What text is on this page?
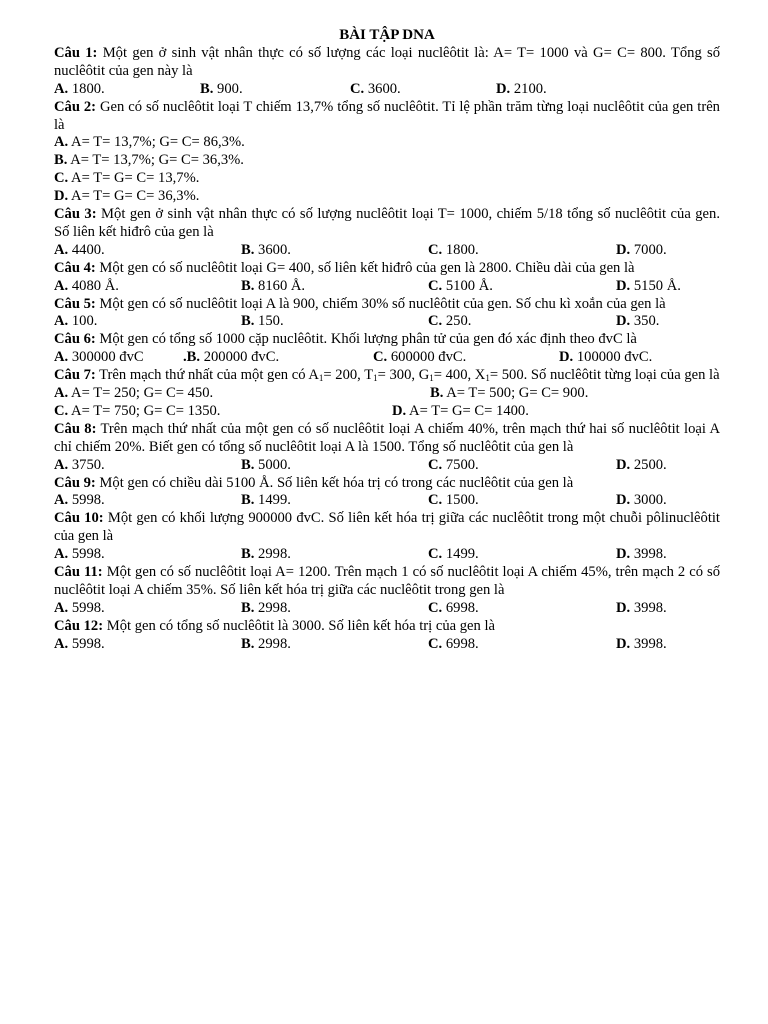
BÀI TẬP DNA
Câu 1: Một gen ở sinh vật nhân thực có số lượng các loại nuclêôtit là: A= T= 1000 và G= C= 800. Tổng số nuclêôtit của gen này là
A. 1800.	B. 900.	C. 3600.	D. 2100.
Câu 2: Gen có số nuclêôtit loại T chiếm 13,7% tổng số nuclêôtit. Tỉ lệ phần trăm từng loại nuclêôtit của gen trên là
A. A= T= 13,7%; G= C= 86,3%.
B. A= T= 13,7%; G= C= 36,3%.
C. A= T= G= C= 13,7%.
D. A= T= G= C= 36,3%.
Câu 3: Một gen ở sinh vật nhân thực có số lượng nuclêôtit loại T= 1000, chiếm 5/18 tổng số nuclêôtit của gen. Số liên kết hiđrô của gen là
A. 4400.	B. 3600.	C. 1800.	D. 7000.
Câu 4: Một gen có số nuclêôtit loại G= 400, số liên kết hiđrô của gen là 2800. Chiều dài của gen là
A. 4080 Å.	B. 8160 Å.	C. 5100 Å.	D. 5150 Å.
Câu 5: Một gen có số nuclêôtit loại A là 900, chiếm 30% số nuclêôtit của gen. Số chu kì xoắn của gen là
A. 100.	B. 150.	C. 250.	D. 350.
Câu 6: Một gen có tổng số 1000 cặp nuclêôtit. Khối lượng phân tử của gen đó xác định theo đvC là
A. 300000 đvC	.B. 200000 đvC.	C. 600000 đvC.	D. 100000 đvC.
Câu 7: Trên mạch thứ nhất của một gen có $A_1= 200$, $T_1= 300$, $G_1= 400$, $X_1= 500$. Số nuclêôtit từng loại của gen là
A. A= T= 250; G= C= 450.	B. A= T= 500; G= C= 900.
C. A= T= 750; G= C= 1350.	D. A= T= G= C= 1400.
Câu 8: Trên mạch thứ nhất của một gen có số nuclêôtit loại A chiếm 40%, trên mạch thứ hai số nuclêôtit loại A chỉ chiếm 20%. Biết gen có tổng số nuclêôtit loại A là 1500. Tổng số nuclêôtit của gen là
A. 3750.	B. 5000.	C. 7500.	D. 2500.
Câu 9: Một gen có chiều dài 5100 Å. Số liên kết hóa trị có trong các nuclêôtit của gen là
A. 5998.	B. 1499.	C. 1500.	D. 3000.
Câu 10: Một gen có khối lượng 900000 đvC. Số liên kết hóa trị giữa các nuclêôtit trong một chuỗi pôlinuclêôtit của gen là
A. 5998.	B. 2998.	C. 1499.	D. 3998.
Câu 11: Một gen có số nuclêôtit loại A= 1200. Trên mạch 1 có số nuclêôtit loại A chiếm 45%, trên mạch 2 có số nuclêôtit loại A chiếm 35%. Số liên kết hóa trị giữa các nuclêôtit trong gen là
A. 5998.	B. 2998.	C. 6998.	D. 3998.
Câu 12: Một gen có tổng số nuclêôtit là 3000. Số liên kết hóa trị của gen là
A. 5998.	B. 2998.	C. 6998.	D. 3998.
